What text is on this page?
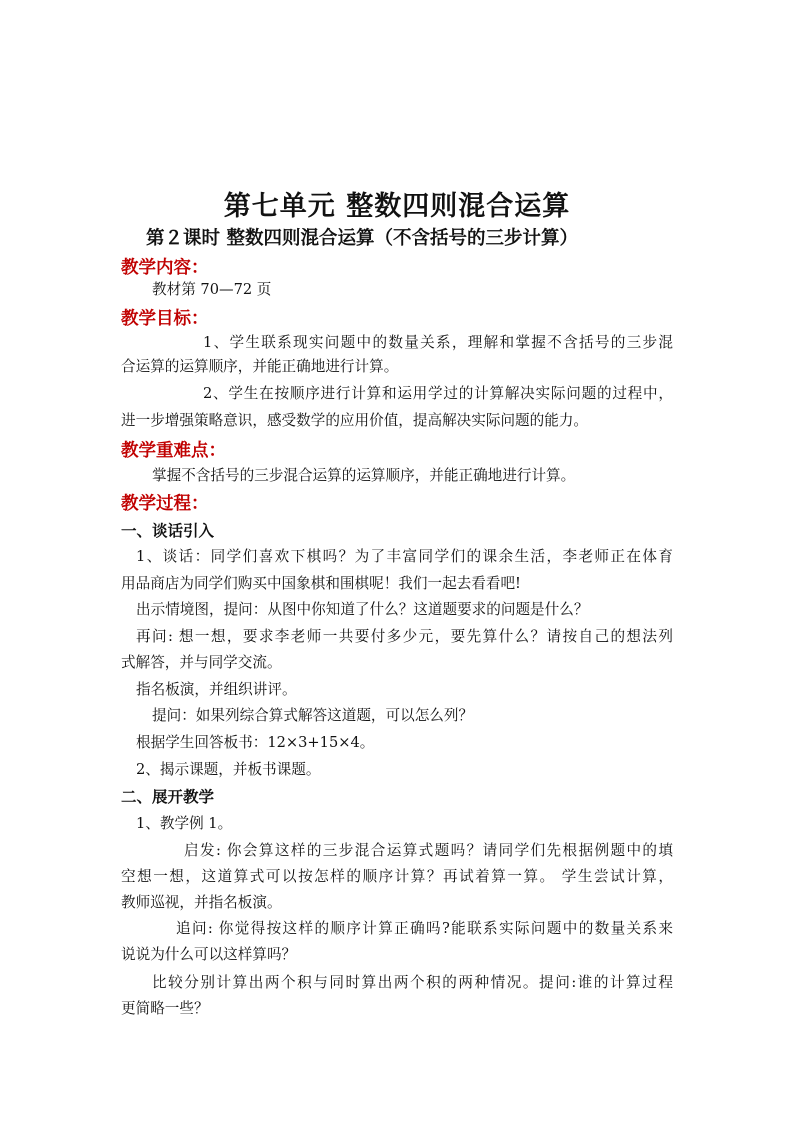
第七单元 整数四则混合运算
第２课时 整数四则混合运算（不含括号的三步计算）
教学内容：

教材第 70—72 页

教学目标：

1、学生联系现实问题中的数量关系，理解和掌握不含括号的三步混

合运算的运算顺序，并能正确地进行计算。

2、学生在按顺序进行计算和运用学过的计算解决实际问题的过程中，

进一步增强策略意识，感受数学的应用价值，提高解决实际问题的能力。

教学重难点：

掌握不含括号的三步混合运算的运算顺序，并能正确地进行计算。

教学过程：
一、谈话引入

1、谈话：同学们喜欢下棋吗？为了丰富同学们的课余生活，李老师正在体育

用品商店为同学们购买中国象棋和围棋呢！我们一起去看看吧!

出示情境图，提问：从图中你知道了什么？这道题要求的问题是什么？

再问: 想一想，要求李老师一共要付多少元，要先算什么？请按自己的想法列

式解答，并与同学交流。

指名板演，并组织讲评。

提问：如果列综合算式解答这道题，可以怎么列？

根据学生回答板书：12×3+15×4。

2、揭示课题，并板书课题。

二、展开教学

1、教学例 1。

启发: 你会算这样的三步混合运算式题吗？请同学们先根据例题中的填

空想一想，这道算式可以按怎样的顺序计算？再试着算一算。 学生尝试计算，

教师巡视，并指名板演。

追问: 你觉得按这样的顺序计算正确吗?能联系实际问题中的数量关系来

说说为什么可以这样算吗？

比较分别计算出两个积与同时算出两个积的两种情况。提问:谁的计算过程

更简略一些？
